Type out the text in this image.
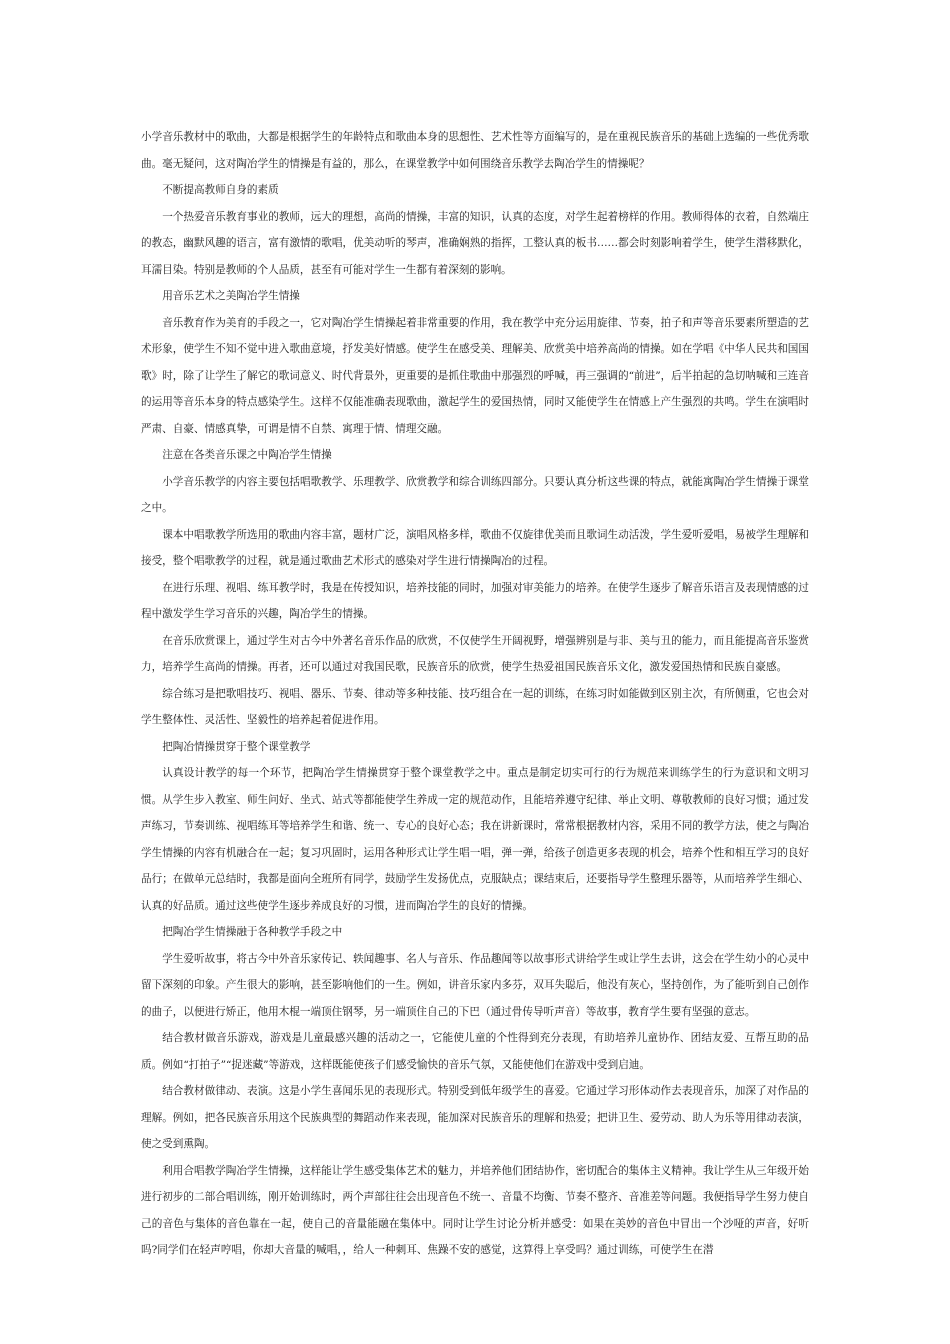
小学音乐教材中的歌曲，大都是根据学生的年龄特点和歌曲本身的思想性、艺术性等方面编写的，是在重视民族音乐的基础上选编的一些优秀歌曲。毫无疑问，这对陶冶学生的情操是有益的，那么，在课堂教学中如何围绕音乐教学去陶冶学生的情操呢？

不断提高教师自身的素质

一个热爱音乐教育事业的教师，远大的理想，高尚的情操，丰富的知识，认真的态度，对学生起着榜样的作用。教师得体的衣着，自然端庄的教态，幽默风趣的语言，富有激情的歌唱，优美动听的琴声，准确娴熟的指挥，工整认真的板书……都会时刻影响着学生，使学生潜移默化，耳濡目染。特别是教师的个人品质，甚至有可能对学生一生都有着深刻的影响。

用音乐艺术之美陶冶学生情操

音乐教育作为美育的手段之一，它对陶冶学生情操起着非常重要的作用，我在教学中充分运用旋律、节奏，拍子和声等音乐要素所塑造的艺术形象，使学生不知不觉中进入歌曲意境，抒发美好情感。使学生在感受美、理解美、欣赏美中培养高尚的情操。如在学唱《中华人民共和国国歌》时，除了让学生了解它的歌词意义、时代背景外，更重要的是抓住歌曲中那强烈的呼喊，再三强调的“前进”，后半拍起的急切呐喊和三连音的运用等音乐本身的特点感染学生。这样不仅能准确表现歌曲，激起学生的爱国热情，同时又能使学生在情感上产生强烈的共鸣。学生在演唱时严肃、自豪、情感真挚，可谓是情不自禁、寓理于情、情理交融。

注意在各类音乐课之中陶冶学生情操

小学音乐教学的内容主要包括唱歌教学、乐理教学、欣赏教学和综合训练四部分。只要认真分析这些课的特点，就能寓陶冶学生情操于课堂之中。

课本中唱歌教学所选用的歌曲内容丰富，题材广泛，演唱风格多样，歌曲不仅旋律优美而且歌词生动活泼，学生爱听爱唱，易被学生理解和接受，整个唱歌教学的过程，就是通过歌曲艺术形式的感染对学生进行情操陶冶的过程。

在进行乐理、视唱、练耳教学时，我是在传授知识，培养技能的同时，加强对审美能力的培养。在使学生逐步了解音乐语言及表现情感的过程中激发学生学习音乐的兴趣，陶冶学生的情操。

在音乐欣赏课上，通过学生对古今中外著名音乐作品的欣赏，不仅使学生开阔视野，增强辨别是与非、美与丑的能力，而且能提高音乐鉴赏力，培养学生高尚的情操。再者，还可以通过对我国民歌，民族音乐的欣赏，使学生热爱祖国民族音乐文化，激发爱国热情和民族自豪感。

综合练习是把歌唱技巧、视唱、器乐、节奏、律动等多种技能、技巧组合在一起的训练，在练习时如能做到区别主次，有所侧重，它也会对学生整体性、灵活性、坚毅性的培养起着促进作用。

把陶冶情操贯穿于整个课堂教学

认真设计教学的每一个环节，把陶冶学生情操贯穿于整个课堂教学之中。重点是制定切实可行的行为规范来训练学生的行为意识和文明习惯。从学生步入教室、师生问好、坐式、站式等都能使学生养成一定的规范动作，且能培养遵守纪律、举止文明、尊敬教师的良好习惯；通过发声练习，节奏训练、视唱练耳等培养学生和谐、统一、专心的良好心态；我在讲新课时，常常根据教材内容，采用不同的教学方法，使之与陶冶学生情操的内容有机融合在一起；复习巩固时，运用各种形式让学生唱一唱，弹一弹，给孩子创造更多表现的机会，培养个性和相互学习的良好品行；在做单元总结时，我都是面向全班所有同学，鼓励学生发扬优点，克服缺点；课结束后，还要指导学生整理乐器等，从而培养学生细心、认真的好品质。通过这些使学生逐步养成良好的习惯，进而陶冶学生的良好的情操。

把陶冶学生情操融于各种教学手段之中

学生爱听故事，将古今中外音乐家传记、轶闻趣事、名人与音乐、作品趣闻等以故事形式讲给学生或让学生去讲，这会在学生幼小的心灵中留下深刻的印象。产生很大的影响，甚至影响他们的一生。例如，讲音乐家内多芬，双耳失聪后，他没有灰心，坚持创作，为了能听到自己创作的曲子，以便进行矫正，他用木棍一端顶住钢琴，另一端顶住自己的下巴（通过骨传导听声音）等故事，教育学生要有坚强的意志。

结合教材做音乐游戏，游戏是儿童最感兴趣的活动之一，它能使儿童的个性得到充分表现，有助培养儿童协作、团结友爱、互帮互助的品质。例如“打拍子”“捉迷藏”等游戏，这样既能使孩子们感受愉快的音乐气氛，又能使他们在游戏中受到启迪。

结合教材做律动、表演。这是小学生喜闻乐见的表现形式。特别受到低年级学生的喜爱。它通过学习形体动作去表现音乐，加深了对作品的理解。例如，把各民族音乐用这个民族典型的舞蹈动作来表现，能加深对民族音乐的理解和热爱；把讲卫生、爱劳动、助人为乐等用律动表演，使之受到熏陶。

利用合唱教学陶冶学生情操，这样能让学生感受集体艺术的魅力，并培养他们团结协作，密切配合的集体主义精神。我让学生从三年级开始进行初步的二部合唱训练，刚开始训练时，两个声部往往会出现音色不统一、音量不均衡、节奏不整齐、音准差等问题。我便指导学生努力使自己的音色与集体的音色靠在一起，使自己的音量能融在集体中。同时让学生讨论分析并感受：如果在美妙的音色中冒出一个沙哑的声音，好听吗?同学们在轻声哼唱，你却大音量的喊唱，，给人一种刺耳、焦躁不安的感觉，这算得上享受吗？通过训练，可使学生在潜
